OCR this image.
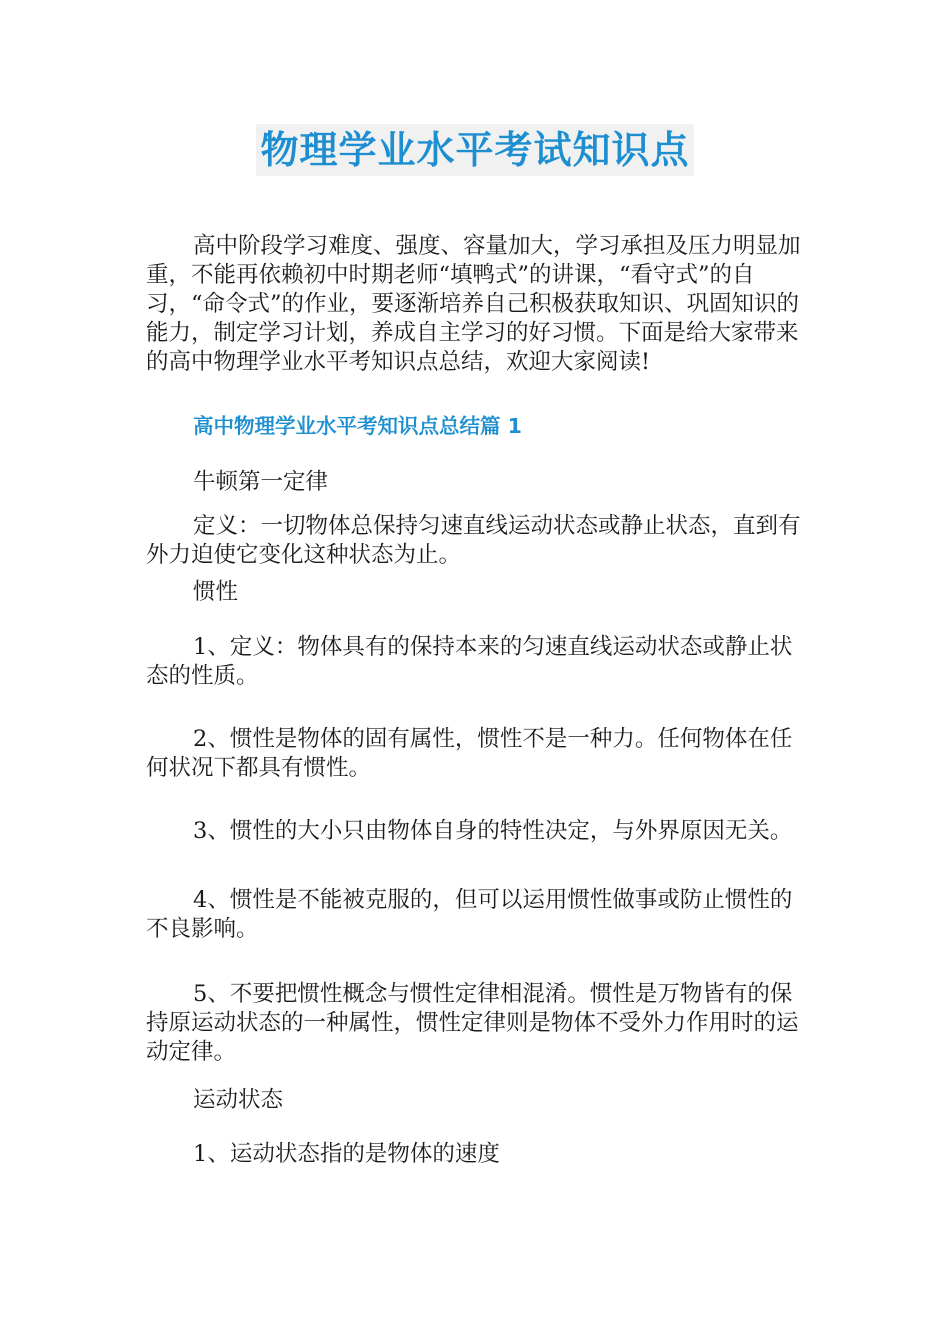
物理学业水平考试知识点

高中阶段学习难度、强度、容量加大，学习承担及压力明显加重，不能再依赖初中时期老师“填鸭式”的讲课，“看守式”的自习，“命令式”的作业，要逐渐培养自己积极获取知识、巩固知识的能力，制定学习计划，养成自主学习的好习惯。下面是给大家带来的高中物理学业水平考知识点总结，欢迎大家阅读!

高中物理学业水平考知识点总结篇 1

牛顿第一定律

定义：一切物体总保持匀速直线运动状态或静止状态，直到有外力迫使它变化这种状态为止。

惯性

1、定义：物体具有的保持本来的匀速直线运动状态或静止状态的性质。

2、惯性是物体的固有属性，惯性不是一种力。任何物体在任何状况下都具有惯性。

3、惯性的大小只由物体自身的特性决定，与外界原因无关。

4、惯性是不能被克服的，但可以运用惯性做事或防止惯性的不良影响。

5、不要把惯性概念与惯性定律相混淆。惯性是万物皆有的保持原运动状态的一种属性，惯性定律则是物体不受外力作用时的运动定律。

运动状态

1、运动状态指的是物体的速度
